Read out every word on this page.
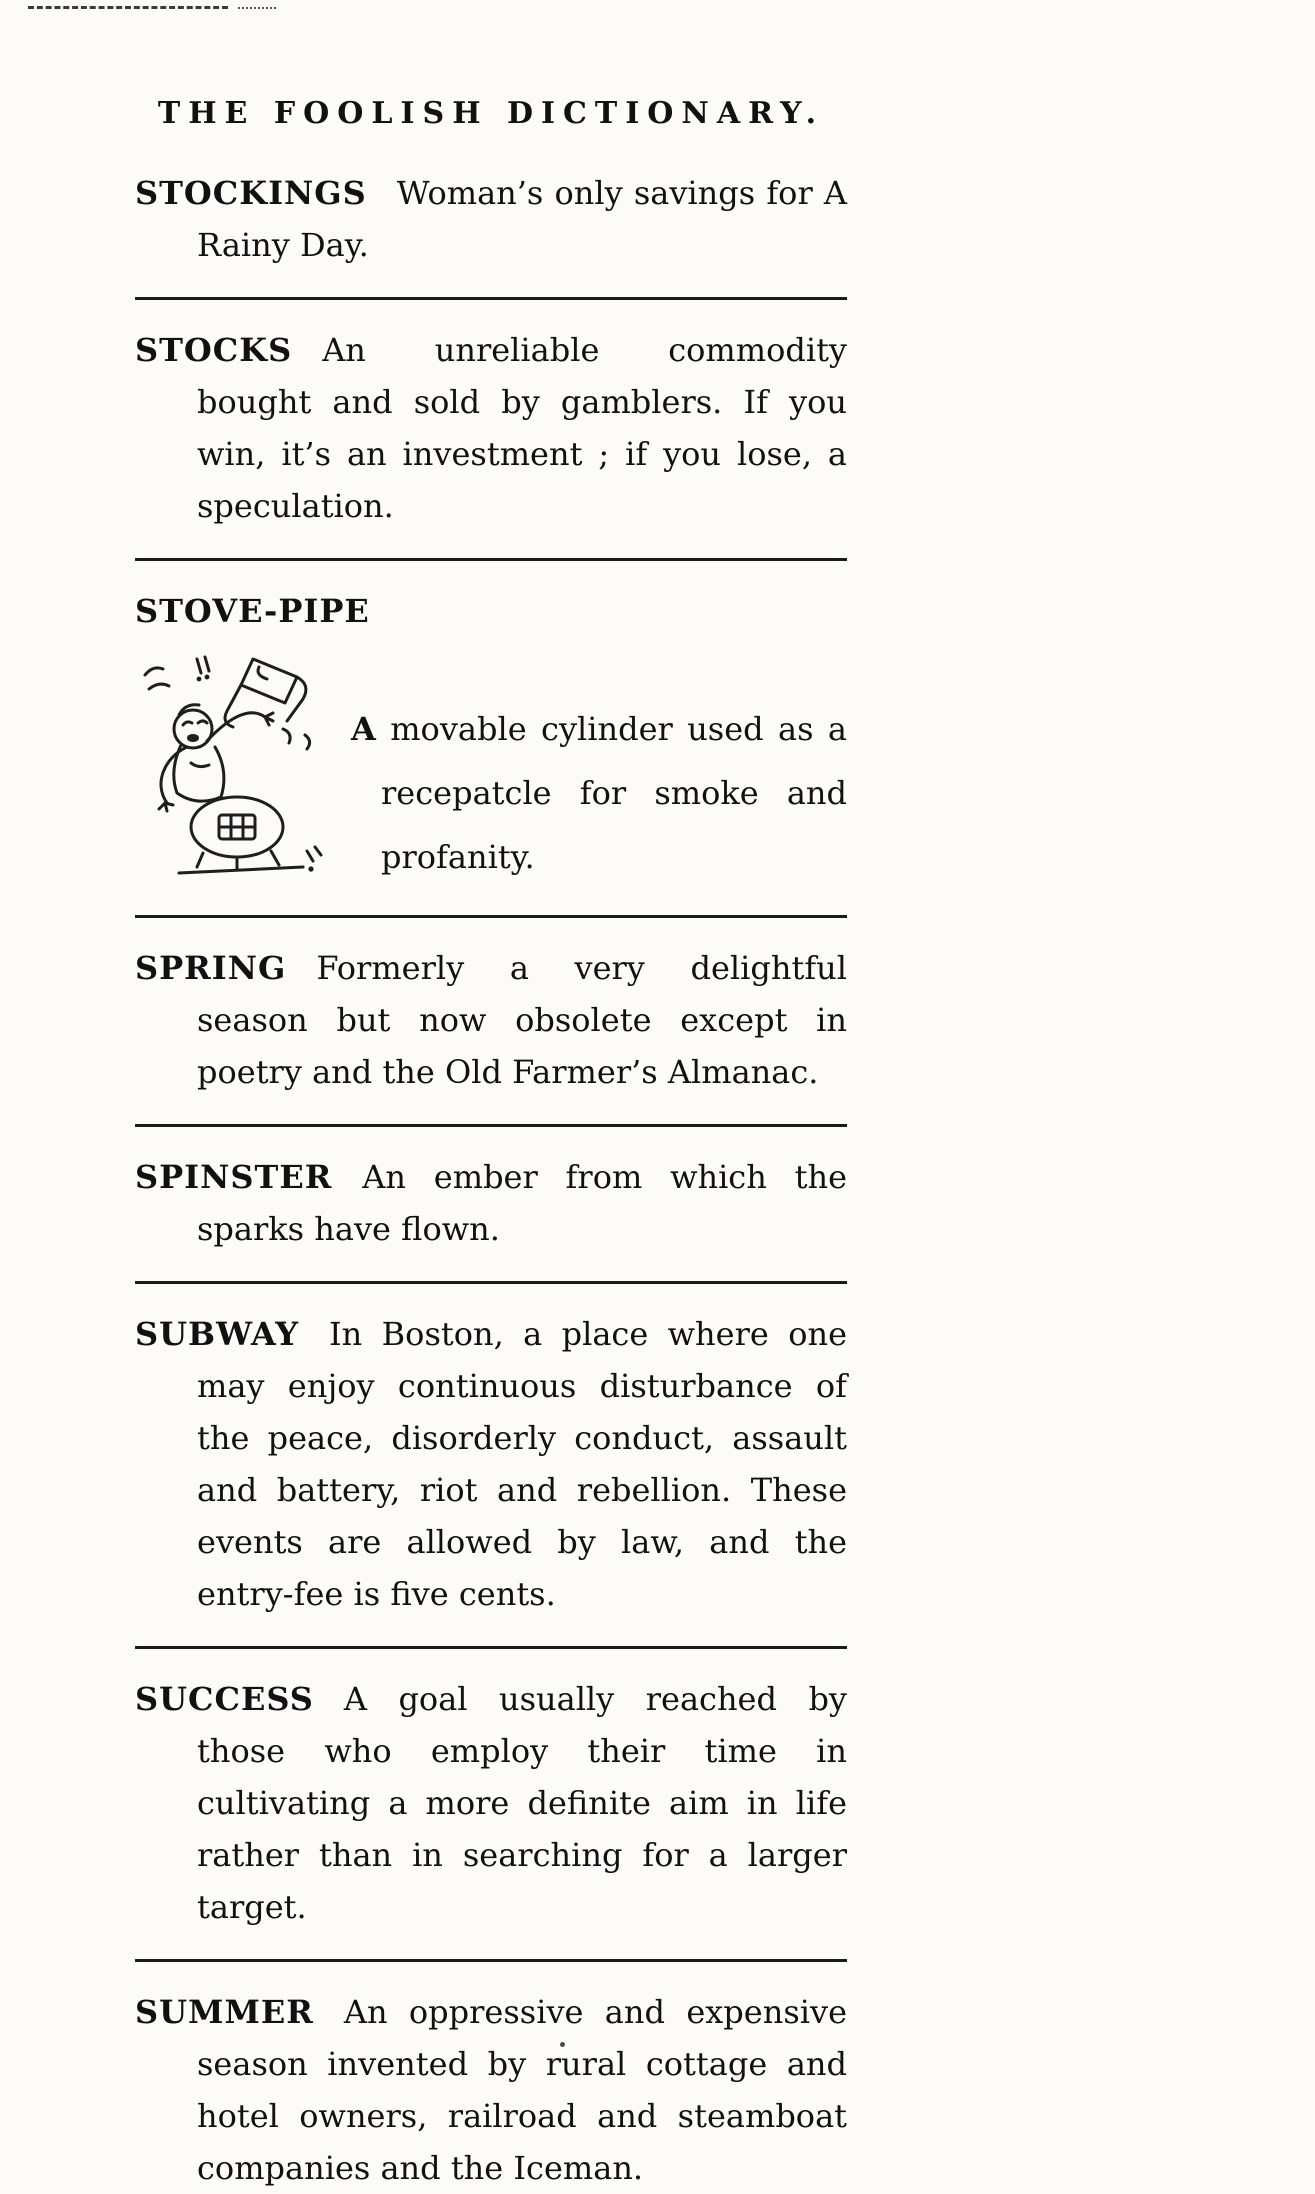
THE FOOLISH DICTIONARY.

STOCKINGS Woman’s only savings for A Rainy Day.

STOCKS An unreliable commodity bought and sold by gamblers. If you win, it’s an investment ; if you lose, a speculation.

STOVE-PIPE

A movable cylinder used as a recepatcle for smoke and profanity.

SPRING Formerly a very delightful season but now obsolete except in poetry and the Old Farmer’s Almanac.

SPINSTER An ember from which the sparks have flown.

SUBWAY In Boston, a place where one may enjoy continuous disturbance of the peace, disorderly conduct, assault and battery, riot and rebellion. These events are allowed by law, and the entry-fee is five cents.

SUCCESS A goal usually reached by those who employ their time in cultivating a more definite aim in life rather than in searching for a larger target.

SUMMER An oppressive and expensive season invented by rural cottage and hotel owners, railroad and steamboat companies and the Iceman.
